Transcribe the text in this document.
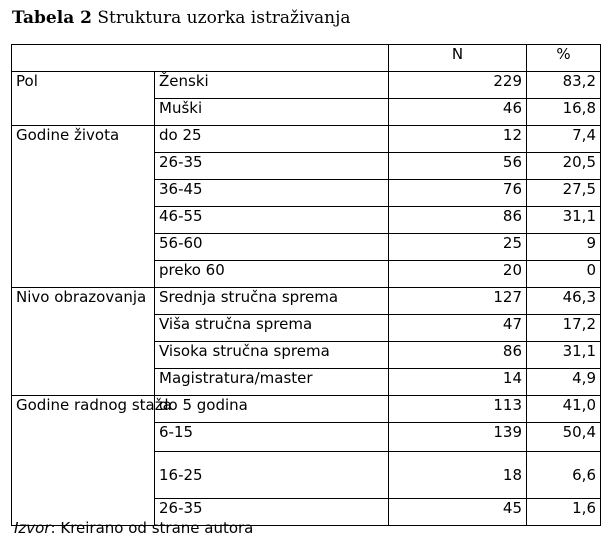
Tabela 2 Struktura uzorka istraživanja
		N	%
Pol	Ženski	229	83,2
	Muški	46	16,8
Godine života	do 25	12	7,4
	26-35	56	20,5
	36-45	76	27,5
	46-55	86	31,1
	56-60	25	9
	preko 60	20	0
Nivo obrazovanja	Srednja stručna sprema	127	46,3
	Viša stručna sprema	47	17,2
	Visoka stručna sprema	86	31,1
	Magistratura/master	14	4,9
Godine radnog staža	do 5 godina	113	41,0
	6-15	139	50,4
	16-25	18	6,6
	26-35	45	1,6
Izvor: Kreirano od strane autora
